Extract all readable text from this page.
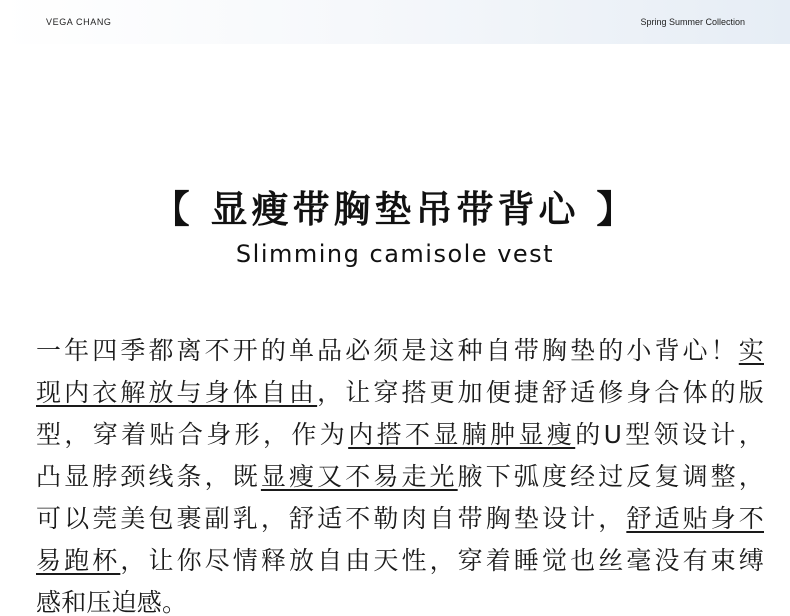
VEGA CHANG	Spring Summer Collection
【 显瘦带胸垫吊带背心 】
Slimming camisole vest
一年四季都离不开的单品必须是这种自带胸垫的小背心！实
现内衣解放与身体自由，让穿搭更加便捷舒适修身合体的版
型，穿着贴合身形，作为内搭不显腩肿显瘦的U型领设计，
凸显脖颈线条，既显瘦又不易走光腋下弧度经过反复调整，
可以莞美包裹副乳，舒适不勒肉自带胸垫设计，舒适贴身不
易跑杯，让你尽情释放自由天性，穿着睡觉也丝毫没有束缚
感和压迫感。
